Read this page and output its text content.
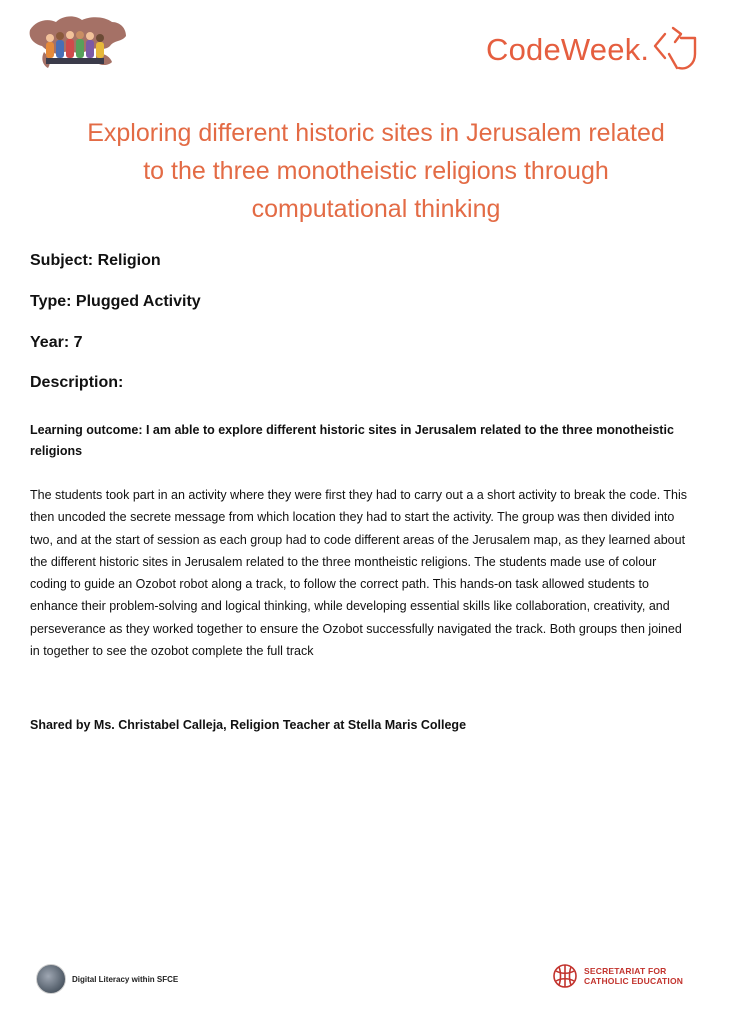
CodeWeek.
Exploring different historic sites in Jerusalem related
to the three monotheistic religions through
computational thinking
Subject: Religion
Type: Plugged Activity
Year: 7
Description:
Learning outcome: I am able to explore different historic sites in Jerusalem related to the three monotheistic religions
The students took part in an activity where they were first they had to carry out a a short activity to break the code. This then uncoded the secrete message from which location they had to start the activity. The group was then divided into two, and at the start of session as each group had to code different areas of the Jerusalem map, as they learned about the different historic sites in Jerusalem related to the three montheistic religions. The students made use of colour coding to guide an Ozobot robot along a track, to follow the correct path. This hands-on task allowed students to enhance their problem-solving and logical thinking, while developing essential skills like collaboration, creativity, and perseverance as they worked together to ensure the Ozobot successfully navigated the track. Both groups then joined in together to see the ozobot complete the full track
Shared by Ms. Christabel Calleja, Religion Teacher at Stella Maris College
Digital Literacy within SFCE
SECRETARIAT FOR
CATHOLIC EDUCATION
